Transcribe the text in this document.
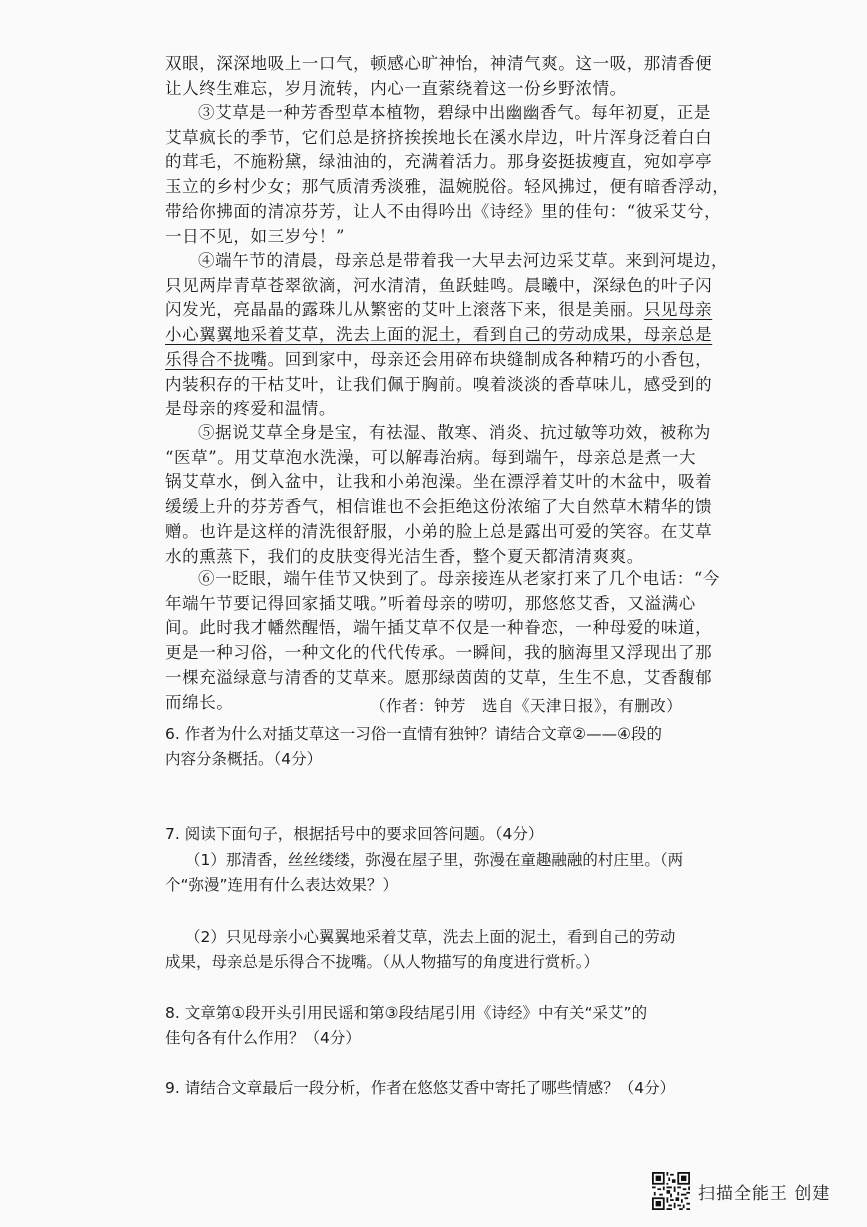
双眼，深深地吸上一口气，顿感心旷神怡，神清气爽。这一吸，那清香便
让人终生难忘，岁月流转，内心一直萦绕着这一份乡野浓情。
③艾草是一种芳香型草本植物，碧绿中出幽幽香气。每年初夏，正是
艾草疯长的季节，它们总是挤挤挨挨地长在溪水岸边，叶片浑身泛着白白
的茸毛，不施粉黛，绿油油的，充满着活力。那身姿挺拔瘦直，宛如亭亭
玉立的乡村少女；那气质清秀淡雅，温婉脱俗。轻风拂过，便有暗香浮动，
带给你拂面的清凉芬芳，让人不由得吟出《诗经》里的佳句：“彼采艾兮，
一日不见，如三岁兮！”
④端午节的清晨，母亲总是带着我一大早去河边采艾草。来到河堤边，
只见两岸青草苍翠欲滴，河水清清，鱼跃蛙鸣。晨曦中，深绿色的叶子闪
闪发光，亮晶晶的露珠儿从繁密的艾叶上滚落下来，很是美丽。只见母亲
小心翼翼地采着艾草，洗去上面的泥土，看到自己的劳动成果，母亲总是
乐得合不拢嘴。回到家中，母亲还会用碎布块缝制成各种精巧的小香包，
内装积存的干枯艾叶，让我们佩于胸前。嗅着淡淡的香草味儿，感受到的
是母亲的疼爱和温情。
⑤据说艾草全身是宝，有祛湿、散寒、消炎、抗过敏等功效，被称为
“医草”。用艾草泡水洗澡，可以解毒治病。每到端午，母亲总是煮一大
锅艾草水，倒入盆中，让我和小弟泡澡。坐在漂浮着艾叶的木盆中，吸着
缓缓上升的芬芳香气，相信谁也不会拒绝这份浓缩了大自然草木精华的馈
赠。也许是这样的清洗很舒服，小弟的脸上总是露出可爱的笑容。在艾草
水的熏蒸下，我们的皮肤变得光洁生香，整个夏天都清清爽爽。
⑥一眨眼，端午佳节又快到了。母亲接连从老家打来了几个电话：“今
年端午节要记得回家插艾哦。”听着母亲的唠叨，那悠悠艾香，又溢满心
间。此时我才幡然醒悟，端午插艾草不仅是一种眷恋，一种母爱的味道，
更是一种习俗，一种文化的代代传承。一瞬间，我的脑海里又浮现出了那
一棵充溢绿意与清香的艾草来。愿那绿茵茵的艾草，生生不息，艾香馥郁
而绵长。	（作者：钟芳　选自《天津日报》，有删改）
6. 作者为什么对插艾草这一习俗一直情有独钟？请结合文章②——④段的
内容分条概括。（4分）
7. 阅读下面句子，根据括号中的要求回答问题。（4分）
（1）那清香，丝丝缕缕，弥漫在屋子里，弥漫在童趣融融的村庄里。（两
个“弥漫”连用有什么表达效果？）
（2）只见母亲小心翼翼地采着艾草，洗去上面的泥土，看到自己的劳动
成果，母亲总是乐得合不拢嘴。（从人物描写的角度进行赏析。）
8. 文章第①段开头引用民谣和第③段结尾引用《诗经》中有关“采艾”的
佳句各有什么作用？（4分）
9. 请结合文章最后一段分析，作者在悠悠艾香中寄托了哪些情感？（4分）
扫描全能王 创建
